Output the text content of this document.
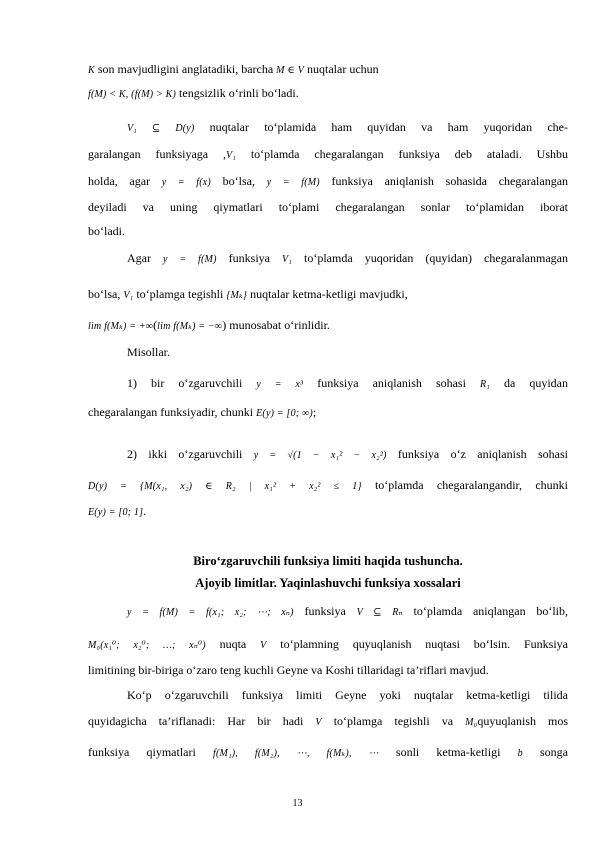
K son mavjudligini anglatadiki, barcha M ∈ V nuqtalar uchun
f(M) < K, (f(M) > K) tengsizlik o‘rinli bo‘ladi.
V₁ ⊆ D(y) nuqtalar to‘plamida ham quyidan va ham yuqoridan che-
garalangan funksiyaga ,V₁ to‘plamda chegaralangan funksiya deb ataladi. Ushbu
holda, agar y = f(x) bo‘lsa, y = f(M) funksiya aniqlanish sohasida chegaralangan
deyiladi va uning qiymatlari to‘plami chegaralangan sonlar to‘plamidan iborat
bo‘ladi.
Agar y = f(M) funksiya V₁ to‘plamda yuqoridan (quyidan) chegaralanmagan
bo‘lsa, V₁ to‘plamga tegishli {Mₖ} nuqtalar ketma-ketligi mavjudki,
lim f(Mₖ) = +∞(lim f(Mₖ) = −∞) munosabat o‘rinlidir.
Misollar.
1) bir o‘zgaruvchili y = x³ funksiya aniqlanish sohasi R₁ da quyidan
chegaralangan funksiyadir, chunki E(y) = [0; ∞);
2) ikki o‘zgaruvchili y = √(1 − x₁² − x₂²) funksiya o‘z aniqlanish sohasi
D(y) = {M(x₁, x₂) ∈ R₂ | x₁² + x₂² ≤ 1} to‘plamda chegaralangandir, chunki
E(y) = [0; 1].
Biro‘zgaruvchili funksiya limiti haqida tushuncha.
Ajoyib limitlar. Yaqinlashuvchi funksiya xossalari
y = f(M) = f(x₁; x₂; ⋯; xₙ) funksiya V ⊆ Rₙ to‘plamda aniqlangan bo‘lib,
M₀(x₁⁰; x₂⁰; …; xₙ⁰) nuqta V to‘plamning quyuqlanish nuqtasi bo‘lsin. Funksiya
limitining bir-biriga o‘zaro teng kuchli Geyne va Koshi tillaridagi ta’riflari mavjud.
Ko‘p o‘zgaruvchili funksiya limiti Geyne yoki nuqtalar ketma-ketligi tilida
quyidagicha ta’riflanadi: Har bir hadi V to‘plamga tegishli va M₀quyuqlanish mos
funksiya qiymatlari f(M₁), f(M₂), ⋯, f(Mₖ), ⋯ sonli ketma-ketligi b songa
13
